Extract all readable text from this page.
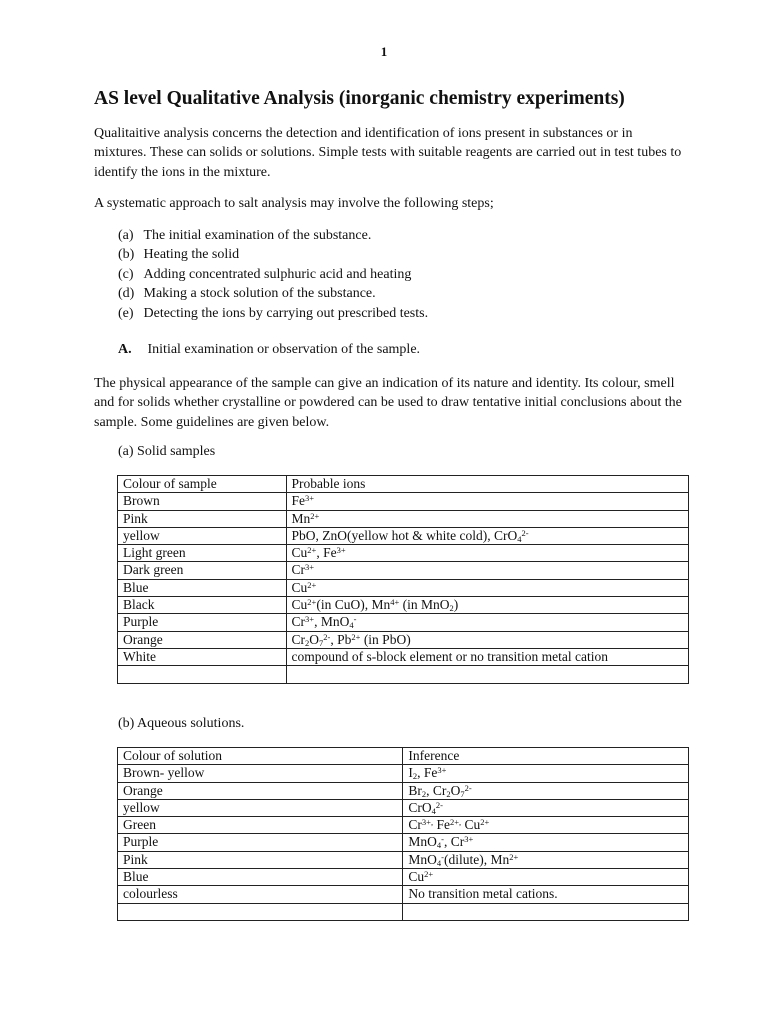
1
AS level Qualitative Analysis (inorganic chemistry experiments)

Qualitaitive analysis concerns the detection and identification of ions present in substances or in mixtures. These can solids or solutions. Simple tests with suitable reagents are carried out in test tubes to identify the ions in the mixture.

A systematic approach to salt analysis may involve the following steps;

(a)
The initial examination of the substance.
(b)
Heating the solid
(c)
Adding concentrated sulphuric acid and heating
(d)
Making a stock solution of the substance.
(e)
Detecting the ions by carrying out prescribed tests.
A. Initial examination or observation of the sample.

The physical appearance of the sample can give an indication of its nature and identity. Its colour, smell and for solids whether crystalline or powdered can be used to draw tentative initial conclusions about the sample. Some guidelines are given below.

(a) Solid samples
Colour of sample	Probable ions
Brown	$Fe^{3+}$
Pink	$Mn^{2+}$
yellow	PbO, ZnO(yellow hot & white cold), CrO$_4^{2-}$
Light green	$Cu^{2+}$, $Fe^{3+}$
Dark green	$Cr^{3+}$
Blue	$Cu^{2+}$
Black	$Cu^{2+}(in$ CuO), $Mn^{4+}$ (in MnO$_2$)
Purple	$Cr^{3+}$, MnO$_4$-
Orange	$Cr_2O_7^{2-}$, $Pb^{2+}$ (in PbO)
White	compound of s-block element or no transition metal cation

(b) Aqueous solutions.
Colour of solution	Inference
Brown- yellow	$I_2$, $Fe^{3+}$
Orange	$Br_2$, $Cr_2O_7^{2-}$
yellow	CrO$_4^{2-}$
Green	$Cr^{3+,}$ $Fe^{2+,}$ $Cu^{2+}$
Purple	MnO$_4$-, $Cr^{3+}$
Pink	MnO$_4$-(dilute), $Mn^{2+}$
Blue	$Cu^{2+}$
colourless	No transition metal cations.
